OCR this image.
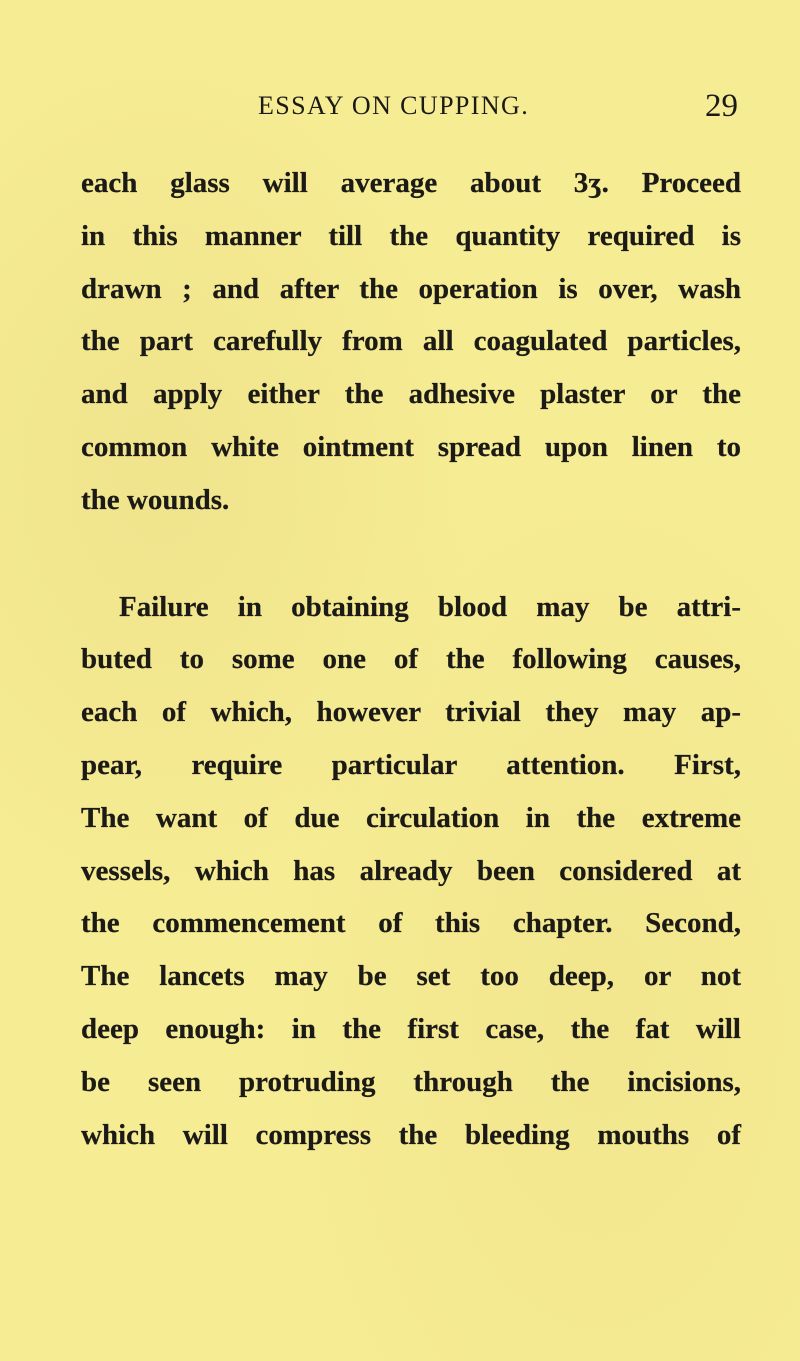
ESSAY ON CUPPING.	29
each glass will average about 3ʒ. Proceed
in this manner till the quantity required is
drawn ; and after the operation is over, wash
the part carefully from all coagulated particles,
and apply either the adhesive plaster or the
common white ointment spread upon linen to
the wounds.
Failure in obtaining blood may be attri-
buted to some one of the following causes,
each of which, however trivial they may ap-
pear, require particular attention. First,
The want of due circulation in the extreme
vessels, which has already been considered at
the commencement of this chapter. Second,
The lancets may be set too deep, or not
deep enough: in the first case, the fat will
be seen protruding through the incisions,
which will compress the bleeding mouths of
